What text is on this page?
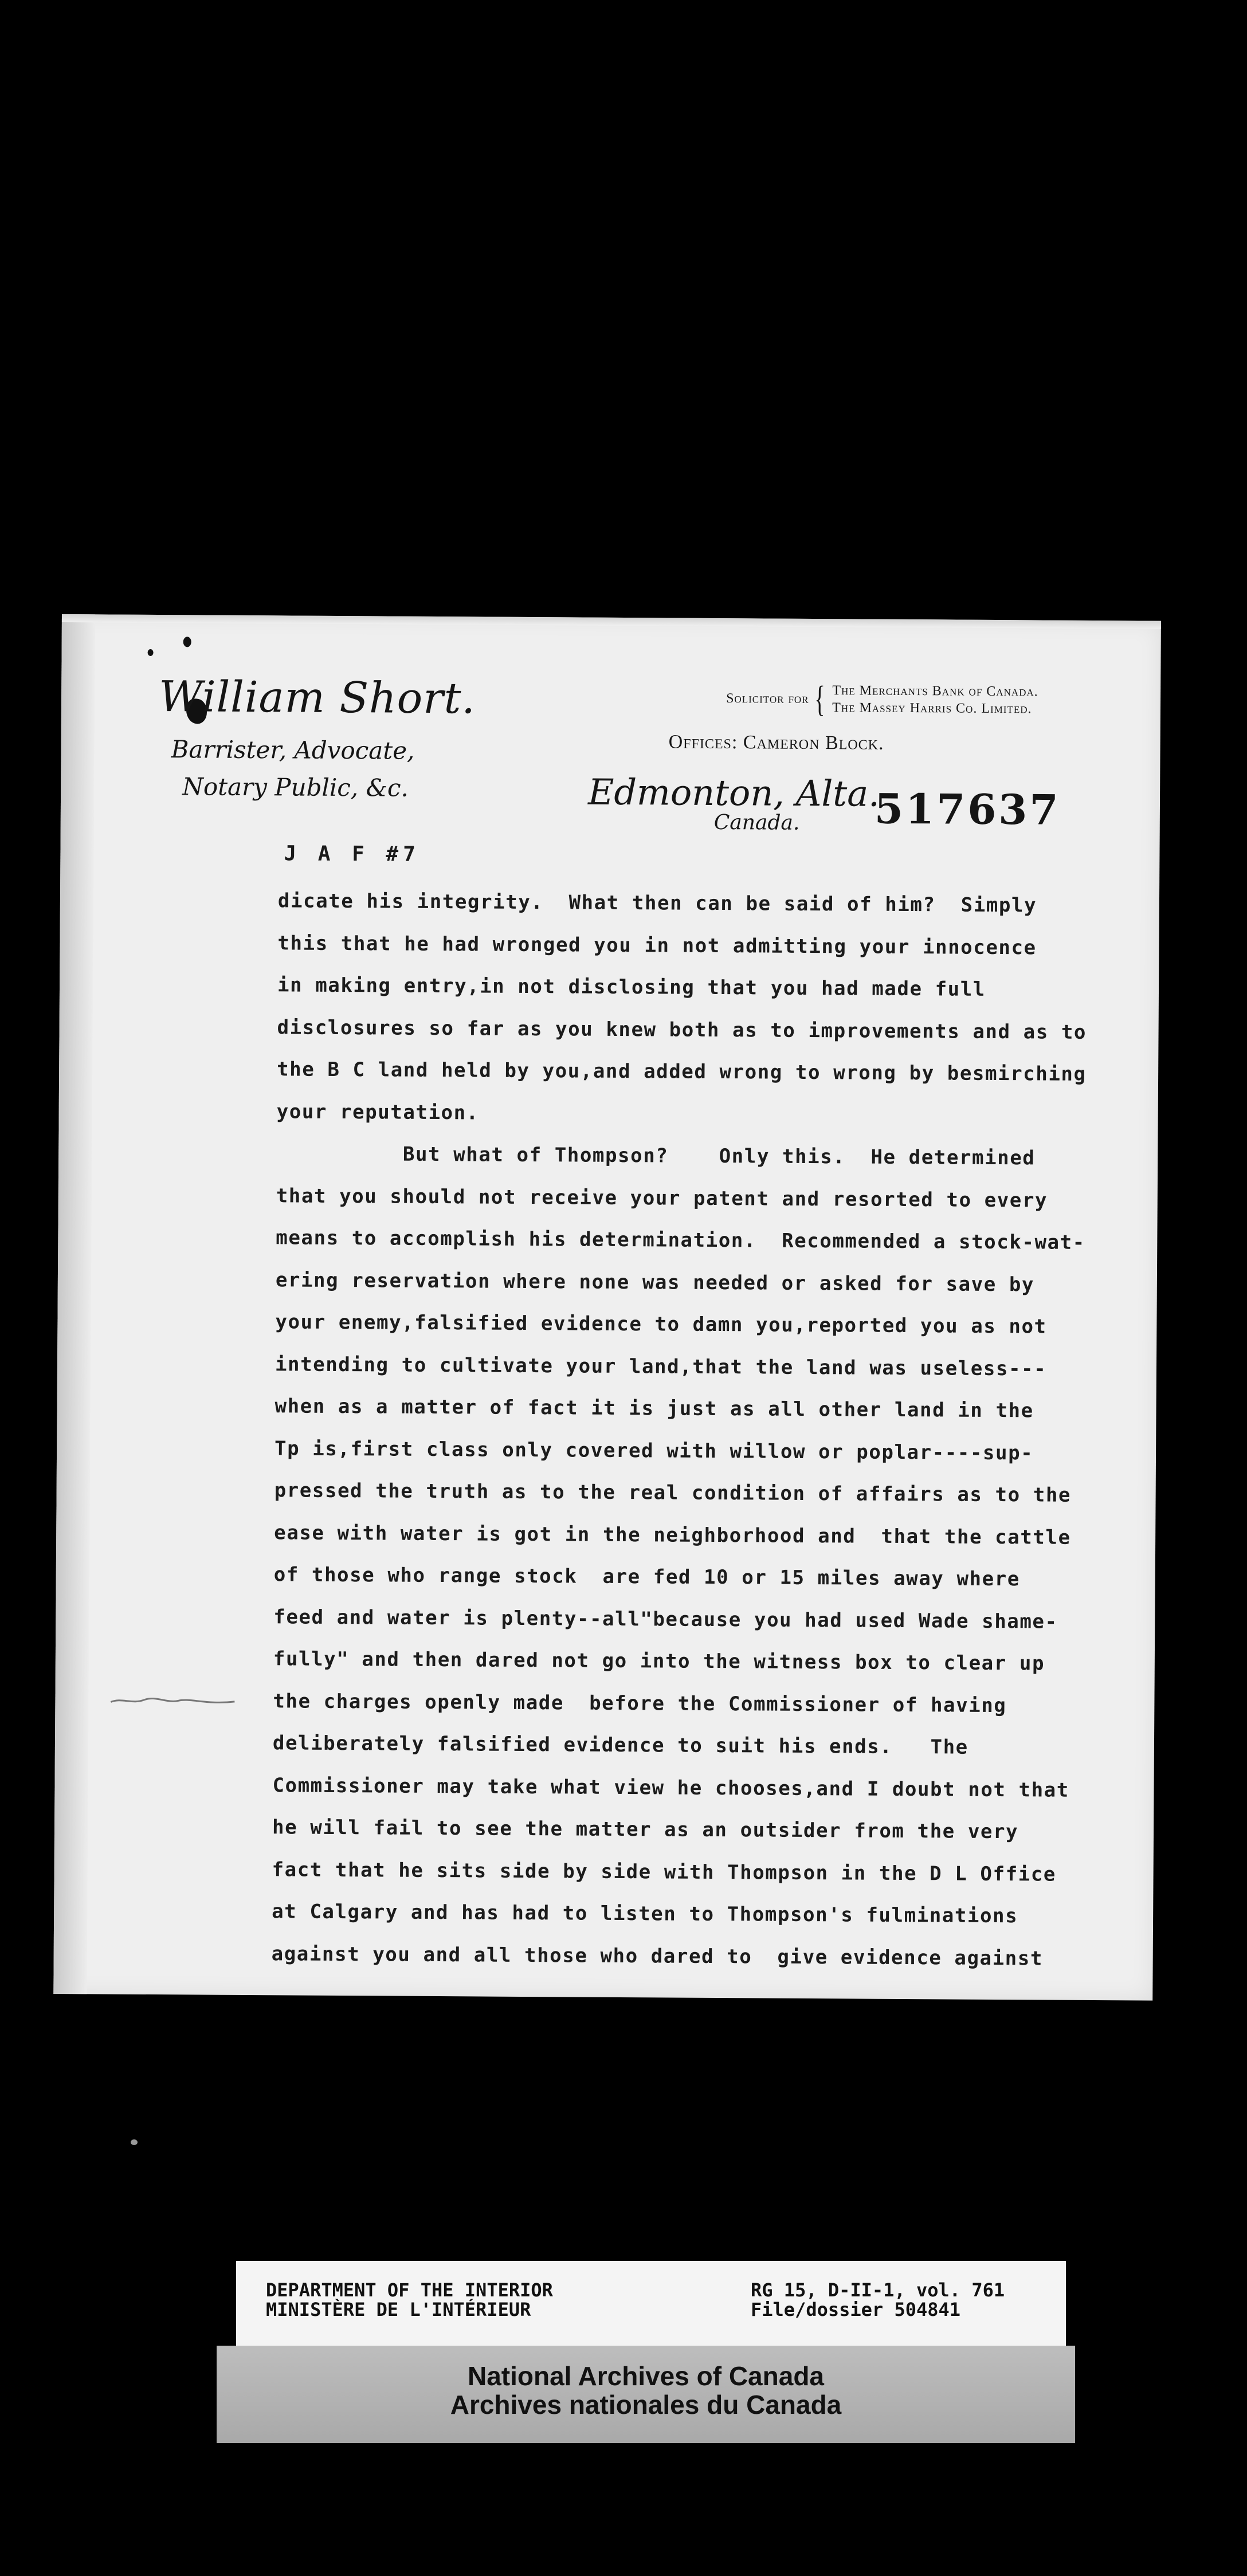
William Short.
Barrister, Advocate,
Notary Public, &c.
Solicitor for { The Merchants Bank of Canada.
The Massey Harris Co. Limited.
Offices: Cameron Block.
Edmonton, Alta.
Canada. 517637
J A F #7
dicate his integrity.  What then can be said of him?  Simply
this that he had wronged you in not admitting your innocence
in making entry,in not disclosing that you had made full
disclosures so far as you knew both as to improvements and as to
the B C land held by you,and added wrong to wrong by besmirching
your reputation.
But what of Thompson?    Only this.  He determined
that you should not receive your patent and resorted to every
means to accomplish his determination.  Recommended a stock-wat-
ering reservation where none was needed or asked for save by
your enemy,falsified evidence to damn you,reported you as not
intending to cultivate your land,that the land was useless---
when as a matter of fact it is just as all other land in the
Tp is,first class only covered with willow or poplar----sup-
pressed the truth as to the real condition of affairs as to the
ease with water is got in the neighborhood and  that the cattle
of those who range stock  are fed 10 or 15 miles away where
feed and water is plenty--all"because you had used Wade shame-
fully" and then dared not go into the witness box to clear up
the charges openly made  before the Commissioner of having
deliberately falsified evidence to suit his ends.   The
Commissioner may take what view he chooses,and I doubt not that
he will fail to see the matter as an outsider from the very
fact that he sits side by side with Thompson in the D L Office
at Calgary and has had to listen to Thompson's fulminations
against you and all those who dared to  give evidence against
DEPARTMENT OF THE INTERIOR
MINISTÈRE DE L'INTÉRIEUR
RG 15, D-II-1, vol. 761
File/dossier 504841
National Archives of Canada
Archives nationales du Canada
